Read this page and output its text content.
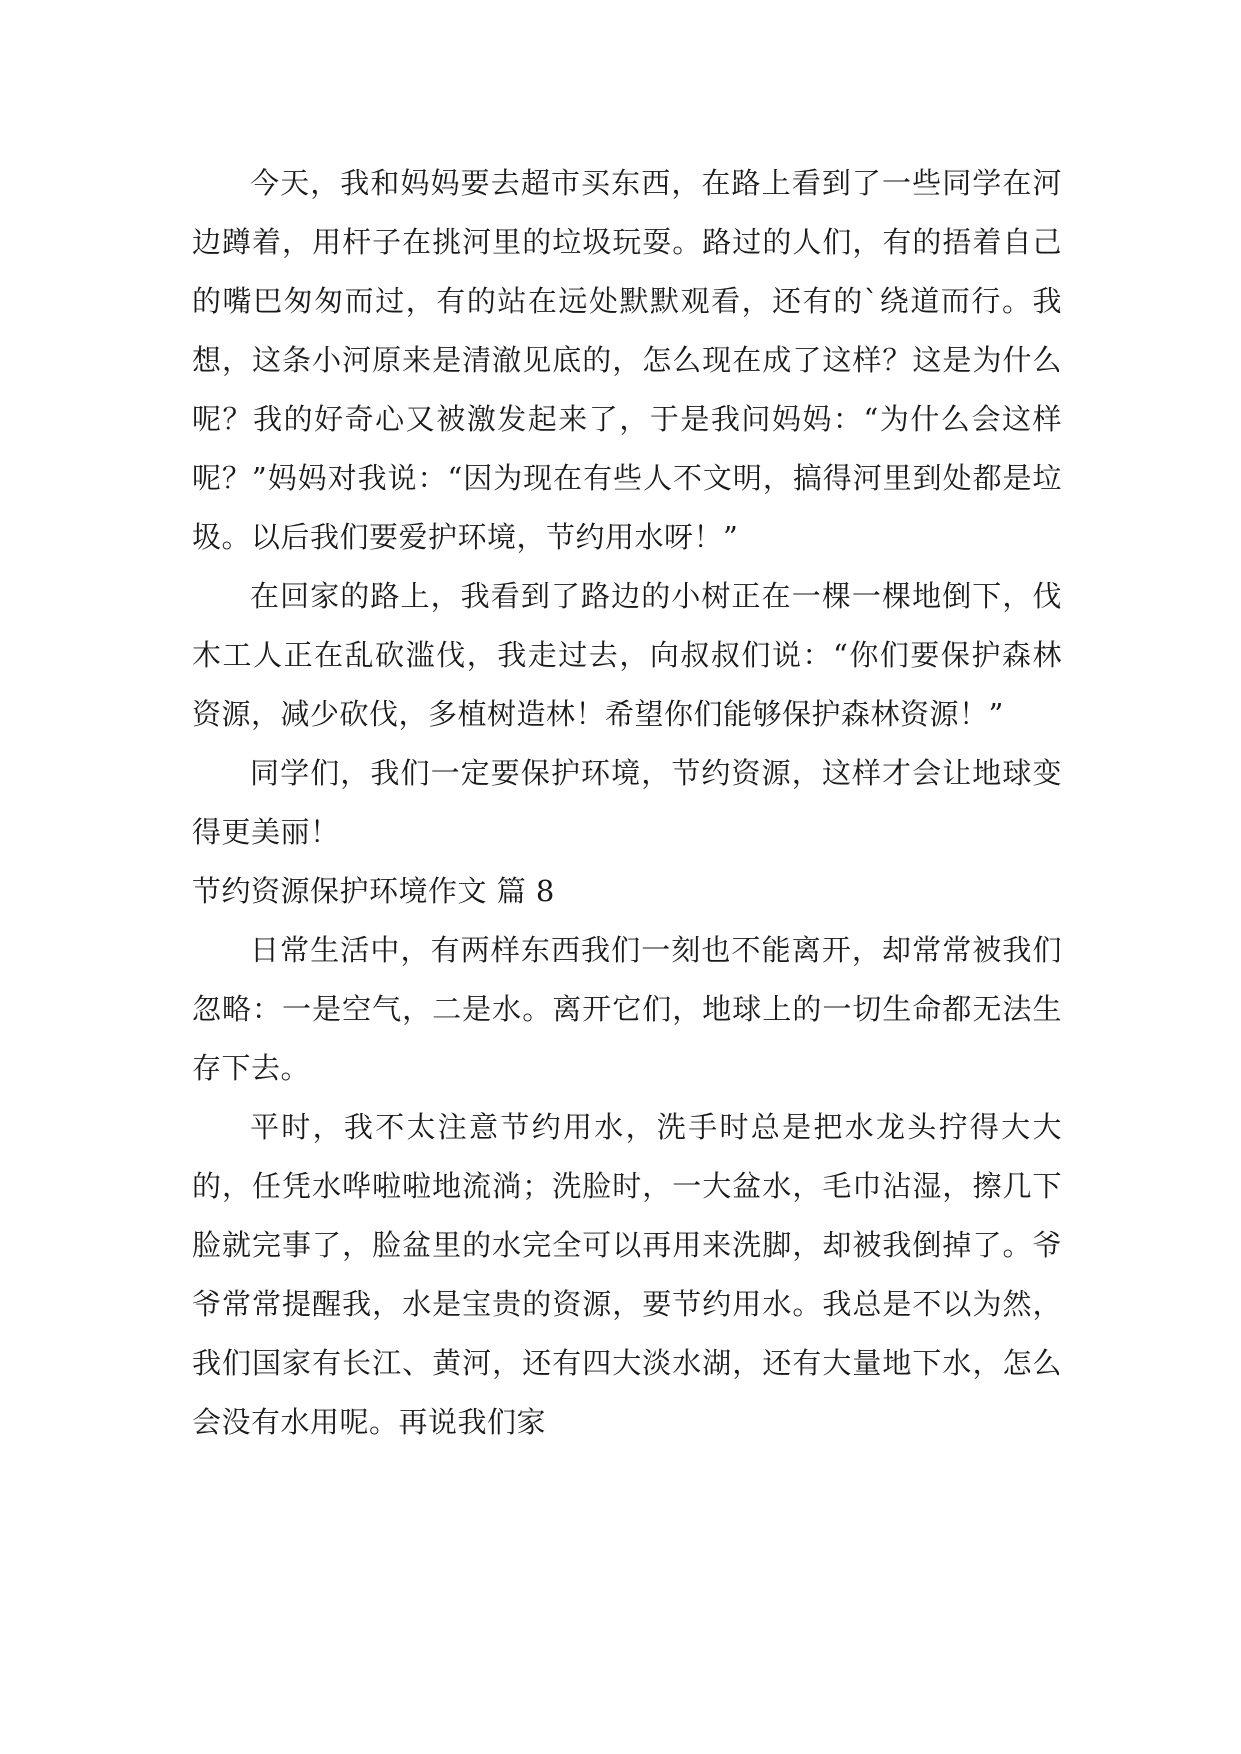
今天，我和妈妈要去超市买东西，在路上看到了一些同学在河边蹲着，用杆子在挑河里的垃圾玩耍。路过的人们，有的捂着自己的嘴巴匆匆而过，有的站在远处默默观看，还有的`绕道而行。我想，这条小河原来是清澈见底的，怎么现在成了这样？这是为什么呢？我的好奇心又被激发起来了，于是我问妈妈：“为什么会这样呢？”妈妈对我说：“因为现在有些人不文明，搞得河里到处都是垃圾。以后我们要爱护环境，节约用水呀！”

在回家的路上，我看到了路边的小树正在一棵一棵地倒下，伐木工人正在乱砍滥伐，我走过去，向叔叔们说：“你们要保护森林资源，减少砍伐，多植树造林！希望你们能够保护森林资源！”

同学们，我们一定要保护环境，节约资源，这样才会让地球变得更美丽！

节约资源保护环境作文 篇 8

日常生活中，有两样东西我们一刻也不能离开，却常常被我们忽略：一是空气，二是水。离开它们，地球上的一切生命都无法生存下去。

平时，我不太注意节约用水，洗手时总是把水龙头拧得大大的，任凭水哗啦啦地流淌；洗脸时，一大盆水，毛巾沾湿，擦几下脸就完事了，脸盆里的水完全可以再用来洗脚，却被我倒掉了。爷爷常常提醒我，水是宝贵的资源，要节约用水。我总是不以为然，我们国家有长江、黄河，还有四大淡水湖，还有大量地下水，怎么会没有水用呢。再说我们家
